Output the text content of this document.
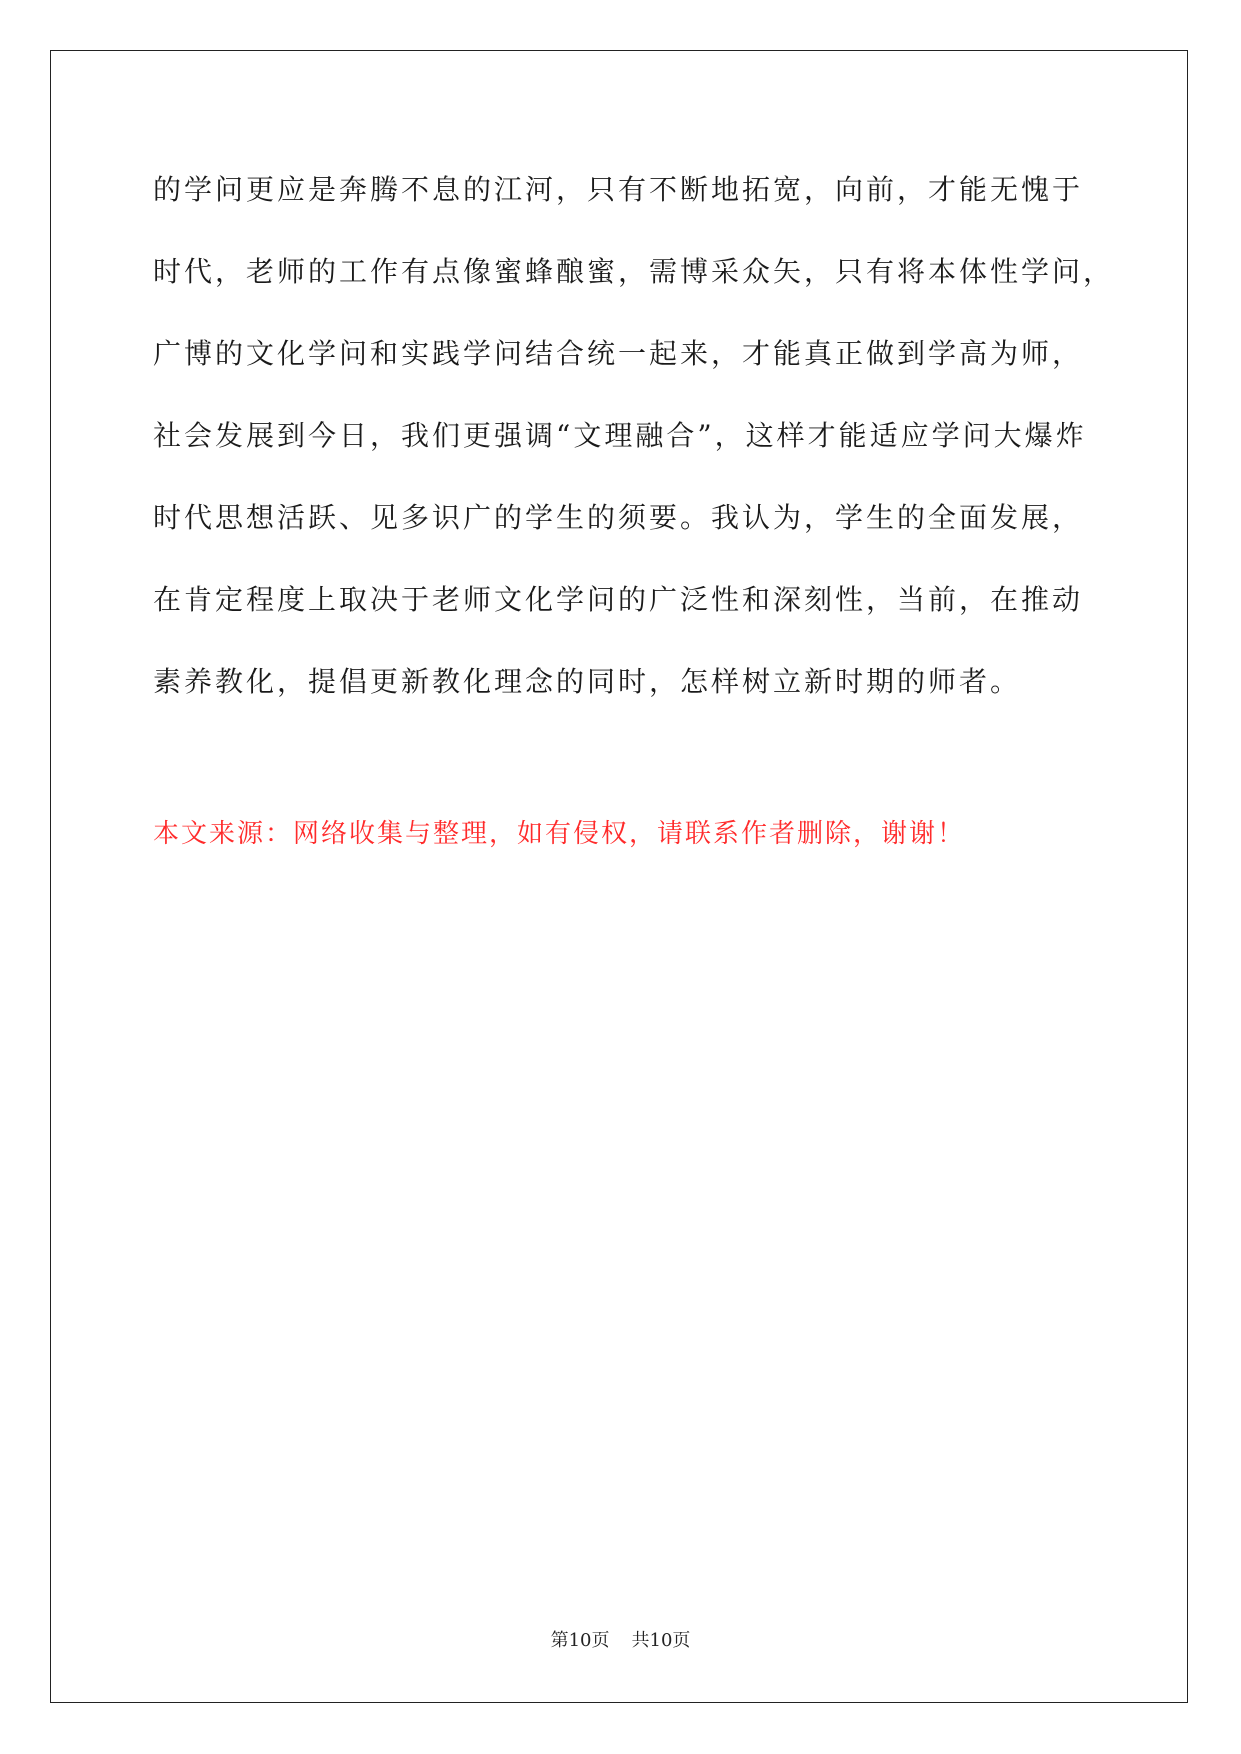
的学问更应是奔腾不息的江河，只有不断地拓宽，向前，才能无愧于
时代，老师的工作有点像蜜蜂酿蜜，需博采众矢，只有将本体性学问，
广博的文化学问和实践学问结合统一起来，才能真正做到学高为师，
社会发展到今日，我们更强调“文理融合”，这样才能适应学问大爆炸
时代思想活跃、见多识广的学生的须要。我认为，学生的全面发展，
在肯定程度上取决于老师文化学问的广泛性和深刻性，当前，在推动
素养教化，提倡更新教化理念的同时，怎样树立新时期的师者。
本文来源：网络收集与整理，如有侵权，请联系作者删除，谢谢！
第10页 共10页
